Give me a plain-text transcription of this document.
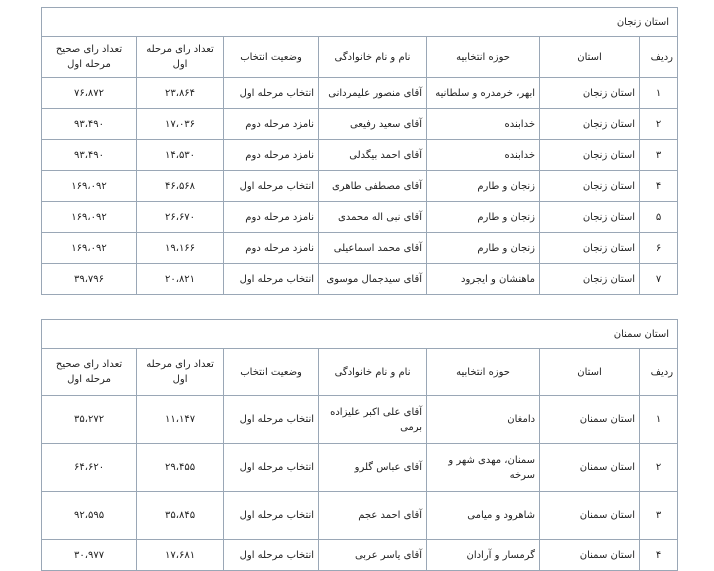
استان زنجان						
ردیف	استان	حوزه انتخابیه	نام و نام خانوادگی	وضعیت انتخاب	تعداد رای مرحله اول	تعداد رای صحیح مرحله اول
۱	استان زنجان	ابهر، خرمدره و سلطانیه	آقای منصور علیمردانی	انتخاب مرحله اول	۲۳،۸۶۴	۷۶،۸۷۲
۲	استان زنجان	خدابنده	آقای سعید رفیعی	نامزد مرحله دوم	۱۷،۰۳۶	۹۳،۴۹۰
۳	استان زنجان	خدابنده	آقای احمد بیگدلی	نامزد مرحله دوم	۱۴،۵۳۰	۹۳،۴۹۰
۴	استان زنجان	زنجان و طارم	آقای مصطفی طاهری	انتخاب مرحله اول	۴۶،۵۶۸	۱۶۹،۰۹۲
۵	استان زنجان	زنجان و طارم	آقای نبی اله محمدی	نامزد مرحله دوم	۲۶،۶۷۰	۱۶۹،۰۹۲
۶	استان زنجان	زنجان و طارم	آقای محمد اسماعیلی	نامزد مرحله دوم	۱۹،۱۶۶	۱۶۹،۰۹۲
۷	استان زنجان	ماهنشان و ایجرود	آقای سیدجمال موسوی	انتخاب مرحله اول	۲۰،۸۲۱	۳۹،۷۹۶
استان سمنان						
ردیف	استان	حوزه انتخابیه	نام و نام خانوادگی	وضعیت انتخاب	تعداد رای مرحله اول	تعداد رای صحیح مرحله اول
۱	استان سمنان	دامغان	آقای علی اکبر علیزاده برمی	انتخاب مرحله اول	۱۱،۱۴۷	۳۵،۲۷۲
۲	استان سمنان	سمنان، مهدی شهر و سرخه	آقای عباس گلرو	انتخاب مرحله اول	۲۹،۴۵۵	۶۴،۶۲۰
۳	استان سمنان	شاهرود و میامی	آقای احمد عجم	انتخاب مرحله اول	۳۵،۸۴۵	۹۲،۵۹۵
۴	استان سمنان	گرمسار و آرادان	آقای یاسر عربی	انتخاب مرحله اول	۱۷،۶۸۱	۳۰،۹۷۷
